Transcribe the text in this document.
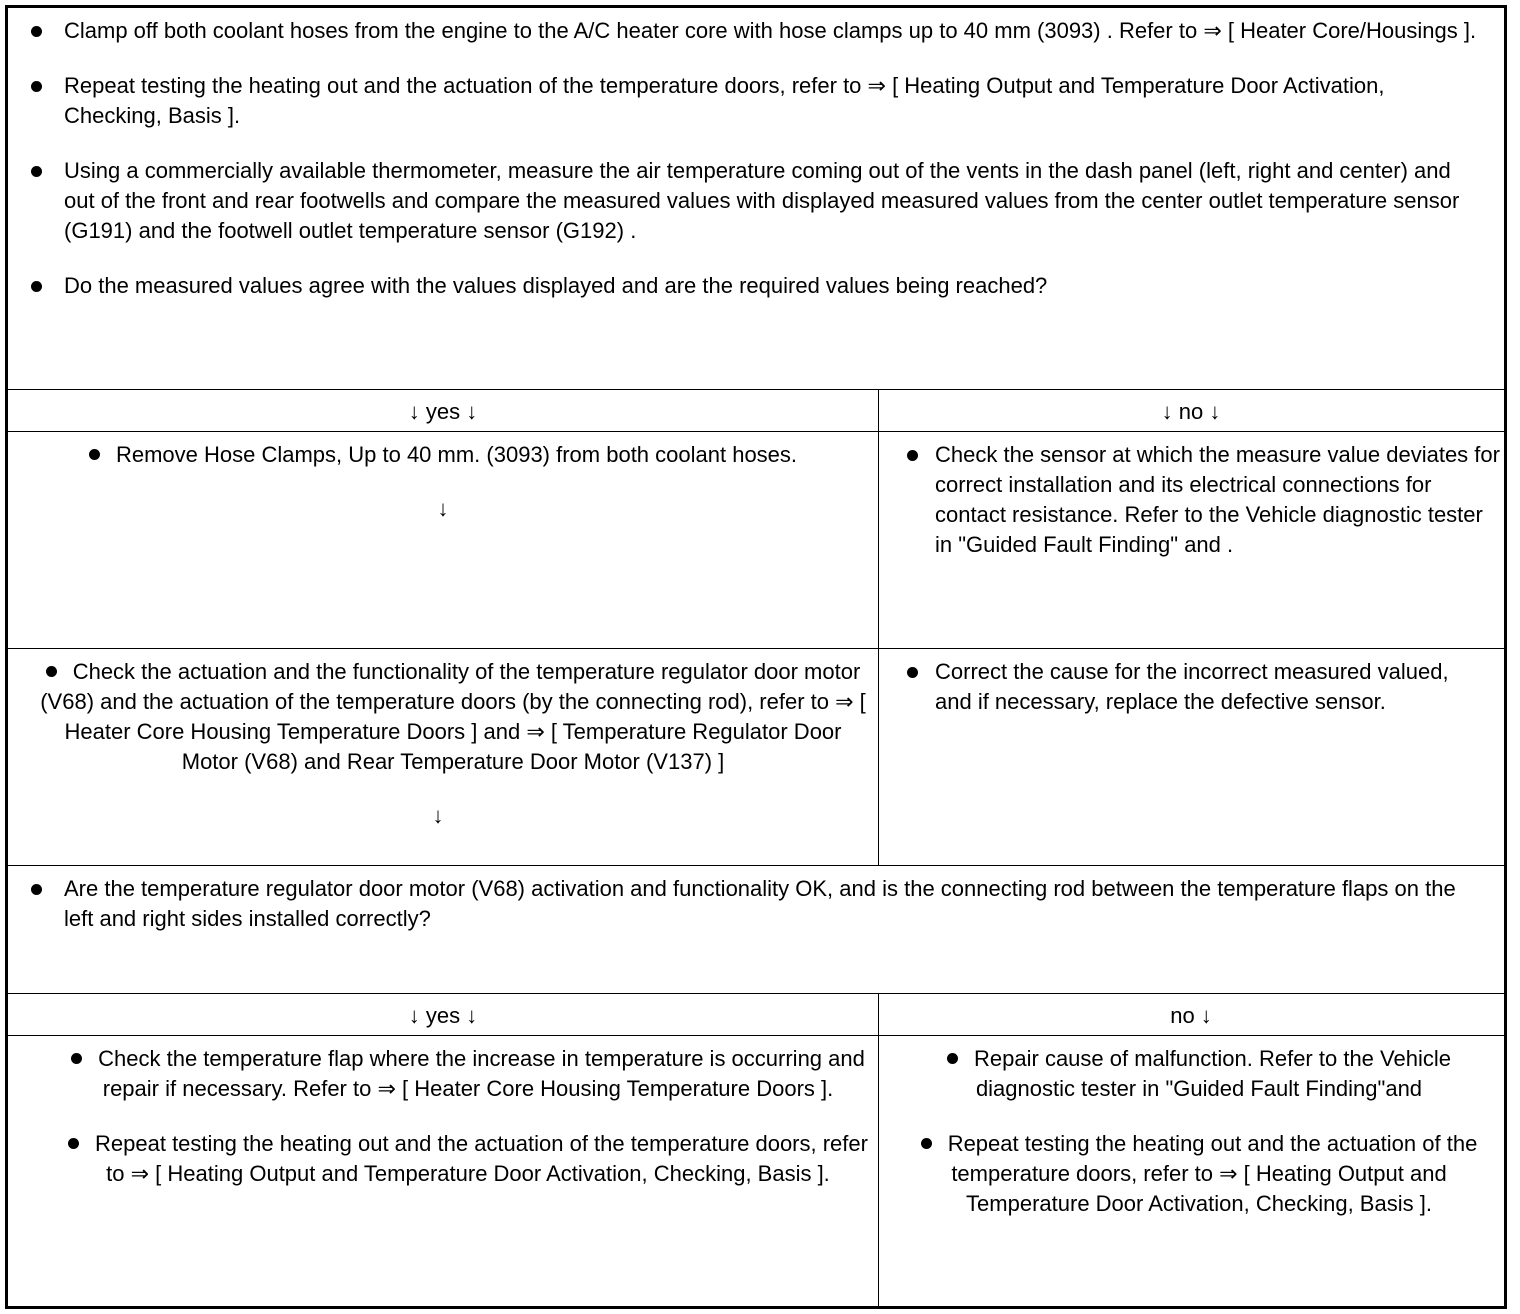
Clamp off both coolant hoses from the engine to the A/C heater core with hose clamps up to 40 mm (3093) . Refer to ⇒ [ Heater Core/Housings ].
Repeat testing the heating out and the actuation of the temperature doors, refer to ⇒ [ Heating Output and Temperature Door Activation, Checking, Basis ].
Using a commercially available thermometer, measure the air temperature coming out of the vents in the dash panel (left, right and center) and out of the front and rear footwells and compare the measured values with displayed measured values from the center outlet temperature sensor (G191) and the footwell outlet temperature sensor (G192) .
Do the measured values agree with the values displayed and are the required values being reached?
↓ yes ↓	↓ no ↓
Remove Hose Clamps, Up to 40 mm. (3093) from both coolant hoses.
↓
Check the sensor at which the measure value deviates for correct installation and its electrical connections for contact resistance. Refer to the Vehicle diagnostic tester in "Guided Fault Finding" and .
Check the actuation and the functionality of the temperature regulator door motor (V68) and the actuation of the temperature doors (by the connecting rod), refer to ⇒ [ Heater Core Housing Temperature Doors ] and ⇒ [ Temperature Regulator Door Motor (V68) and Rear Temperature Door Motor (V137) ]
↓
Correct the cause for the incorrect measured valued, and if necessary, replace the defective sensor.
Are the temperature regulator door motor (V68) activation and functionality OK, and is the connecting rod between the temperature flaps on the left and right sides installed correctly?
↓ yes ↓	no ↓
Check the temperature flap where the increase in temperature is occurring and repair if necessary. Refer to ⇒ [ Heater Core Housing Temperature Doors ].
Repeat testing the heating out and the actuation of the temperature doors, refer to ⇒ [ Heating Output and Temperature Door Activation, Checking, Basis ].
Repair cause of malfunction. Refer to the Vehicle diagnostic tester in "Guided Fault Finding"and
Repeat testing the heating out and the actuation of the temperature doors, refer to ⇒ [ Heating Output and Temperature Door Activation, Checking, Basis ].
